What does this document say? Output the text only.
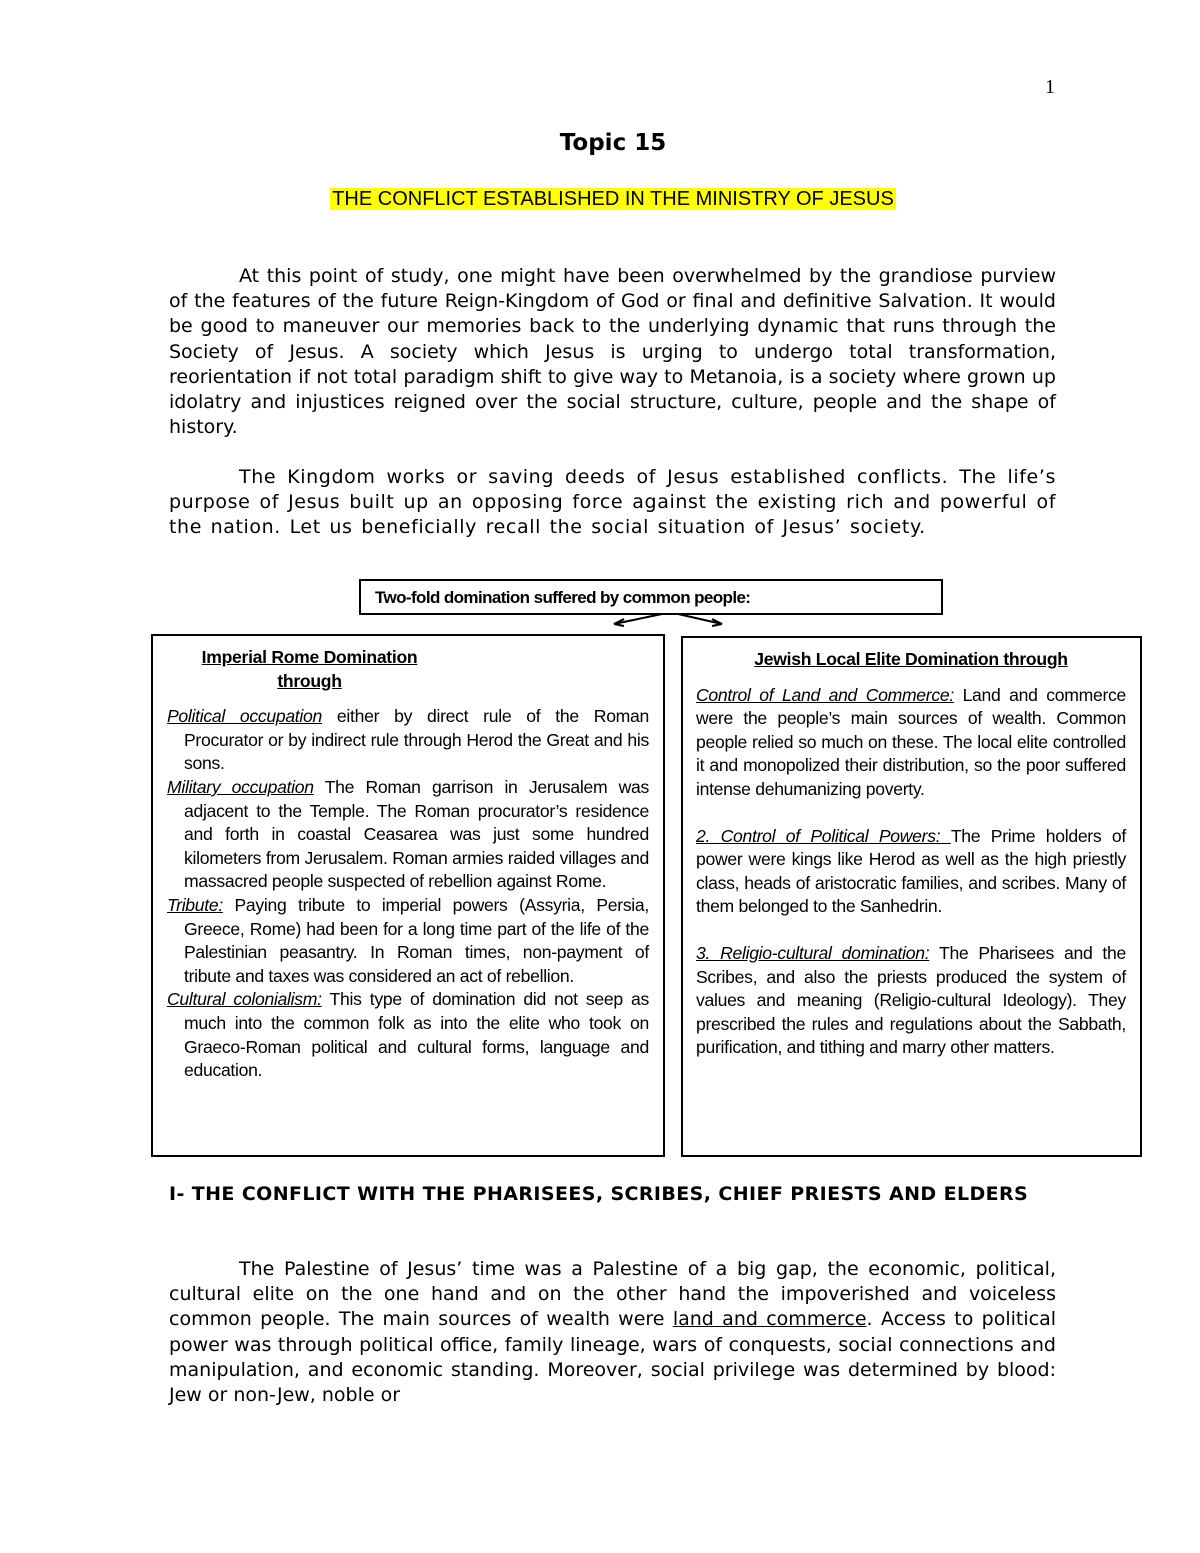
1
Topic 15
THE CONFLICT ESTABLISHED IN THE MINISTRY OF JESUS

At this point of study, one might have been overwhelmed by the grandiose purview of the features of the future Reign-Kingdom of God or final and definitive Salvation. It would be good to maneuver our memories back to the underlying dynamic that runs through the Society of Jesus. A society which Jesus is urging to undergo total transformation, reorientation if not total paradigm shift to give way to Metanoia, is a society where grown up idolatry and injustices reigned over the social structure, culture, people and the shape of history.

The Kingdom works or saving deeds of Jesus established conflicts. The life’s purpose of Jesus built up an opposing force against the existing rich and powerful of the nation. Let us beneficially recall the social situation of Jesus’ society.

Two-fold domination suffered by common people:
Imperial Rome Domination
through

Political occupation either by direct rule of the Roman Procurator or by indirect rule through Herod the Great and his sons.

Military occupation The Roman garrison in Jerusalem was adjacent to the Temple. The Roman procurator’s residence and forth in coastal Ceasarea was just some hundred kilometers from Jerusalem. Roman armies raided villages and massacred people suspected of rebellion against Rome.

Tribute: Paying tribute to imperial powers (Assyria, Persia, Greece, Rome) had been for a long time part of the life of the Palestinian peasantry. In Roman times, non-payment of tribute and taxes was considered an act of rebellion.

Cultural colonialism: This type of domination did not seep as much into the common folk as into the elite who took on Graeco-Roman political and cultural forms, language and education.

Jewish Local Elite Domination through

Control of Land and Commerce: Land and commerce were the people’s main sources of wealth. Common people relied so much on these. The local elite controlled it and monopolized their distribution, so the poor suffered intense dehumanizing poverty.

2. Control of Political Powers: The Prime holders of power were kings like Herod as well as the high priestly class, heads of aristocratic families, and scribes. Many of them belonged to the Sanhedrin.

3. Religio-cultural domination: The Pharisees and the Scribes, and also the priests produced the system of values and meaning (Religio-cultural Ideology). They prescribed the rules and regulations about the Sabbath, purification, and tithing and marry other matters.

I- THE CONFLICT WITH THE PHARISEES, SCRIBES, CHIEF PRIESTS AND ELDERS

The Palestine of Jesus’ time was a Palestine of a big gap, the economic, political, cultural elite on the one hand and on the other hand the impoverished and voiceless common people. The main sources of wealth were land and commerce. Access to political power was through political office, family lineage, wars of conquests, social connections and manipulation, and economic standing. Moreover, social privilege was determined by blood: Jew or non-Jew, noble or
